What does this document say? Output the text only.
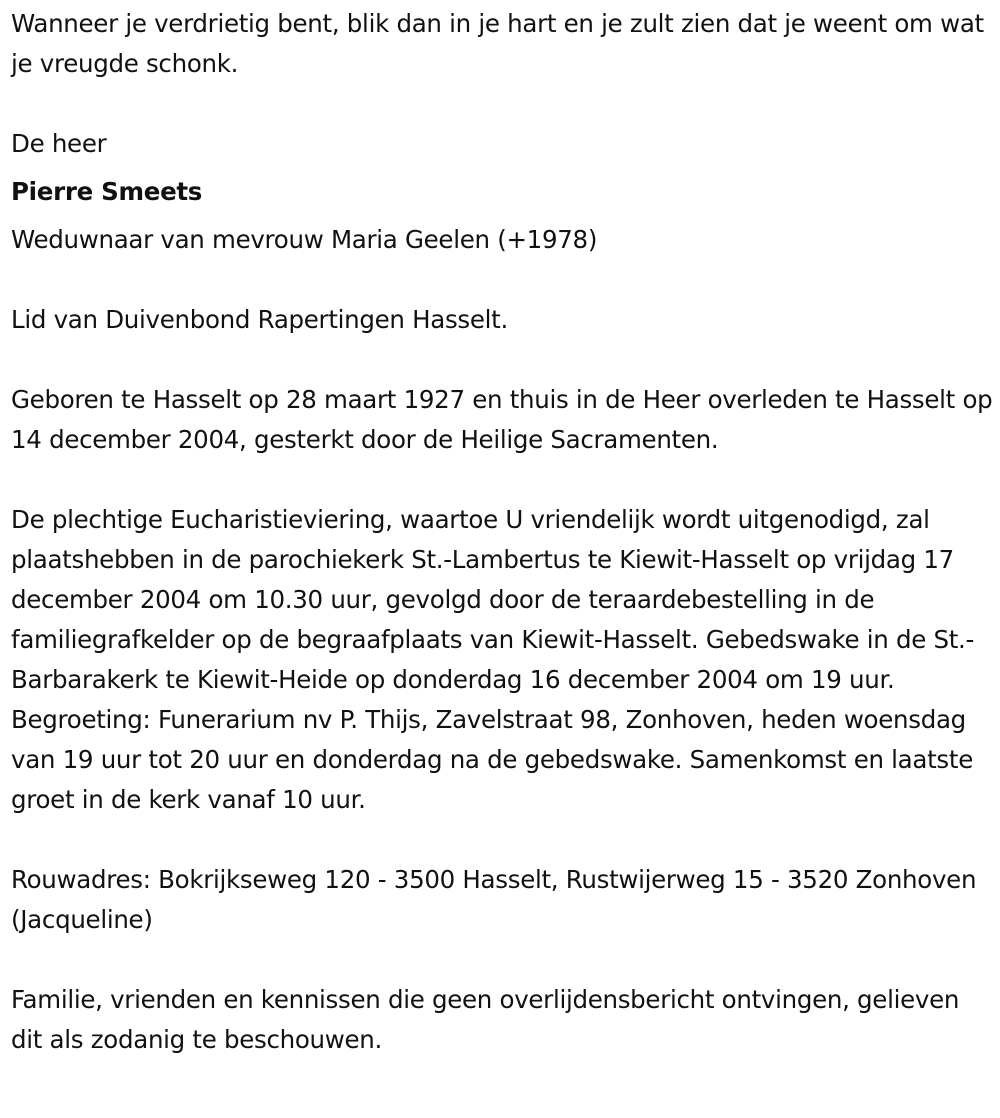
Wanneer je verdrietig bent, blik dan in je hart en je zult zien dat je weent om wat je vreugde schonk.

De heer

Pierre Smeets

Weduwnaar van mevrouw Maria Geelen (+1978)

Lid van Duivenbond Rapertingen Hasselt.

Geboren te Hasselt op 28 maart 1927 en thuis in de Heer overleden te Hasselt op 14 december 2004, gesterkt door de Heilige Sacramenten.

De plechtige Eucharistieviering, waartoe U vriendelijk wordt uitgenodigd, zal plaatshebben in de parochiekerk St.-Lambertus te Kiewit-Hasselt op vrijdag 17 december 2004 om 10.30 uur, gevolgd door de teraardebestelling in de familiegrafkelder op de begraafplaats van Kiewit-Hasselt. Gebedswake in de St.-Barbarakerk te Kiewit-Heide op donderdag 16 december 2004 om 19 uur. Begroeting: Funerarium nv P. Thijs, Zavelstraat 98, Zonhoven, heden woensdag van 19 uur tot 20 uur en donderdag na de gebedswake. Samenkomst en laatste groet in de kerk vanaf 10 uur.

Rouwadres: Bokrijkseweg 120 - 3500 Hasselt, Rustwijerweg 15 - 3520 Zonhoven (Jacqueline)

Familie, vrienden en kennissen die geen overlijdensbericht ontvingen, gelieven dit als zodanig te beschouwen.
